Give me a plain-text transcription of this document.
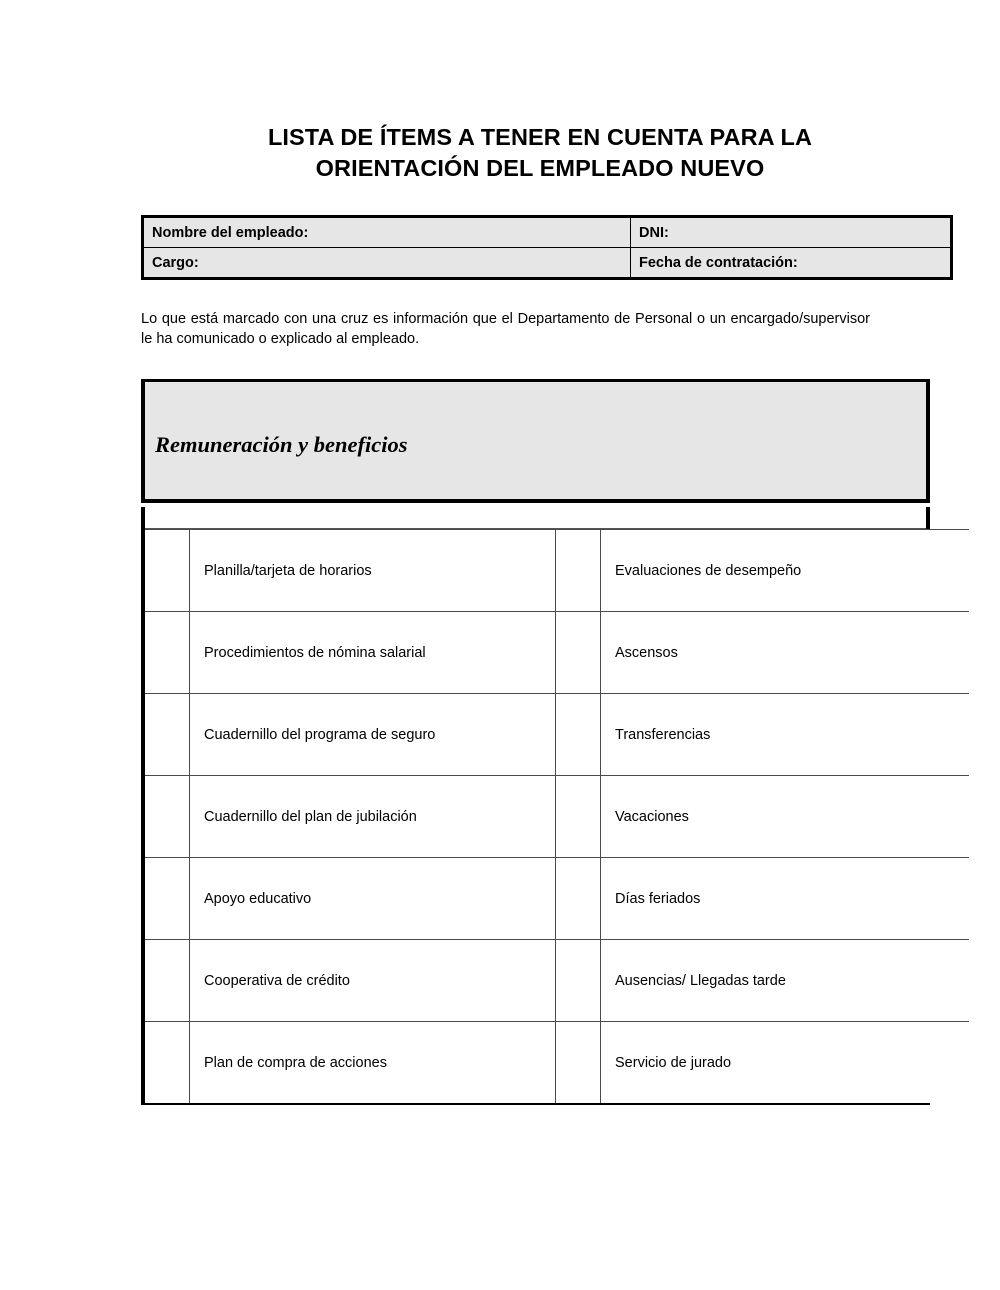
LISTA DE ÍTEMS A TENER EN CUENTA PARA LA
ORIENTACIÓN DEL EMPLEADO NUEVO
Nombre del empleado:	DNI:
Cargo:	Fecha de contratación:
Lo que está marcado con una cruz es información que el Departamento de Personal o un encargado/supervisor le ha comunicado o explicado al empleado.
Remuneración y beneficios
	Planilla/tarjeta de horarios		Evaluaciones de desempeño
	Procedimientos de nómina salarial		Ascensos
	Cuadernillo del programa de seguro		Transferencias
	Cuadernillo del plan de jubilación		Vacaciones
	Apoyo educativo		Días feriados
	Cooperativa de crédito		Ausencias/ Llegadas tarde
	Plan de compra de acciones		Servicio de jurado
